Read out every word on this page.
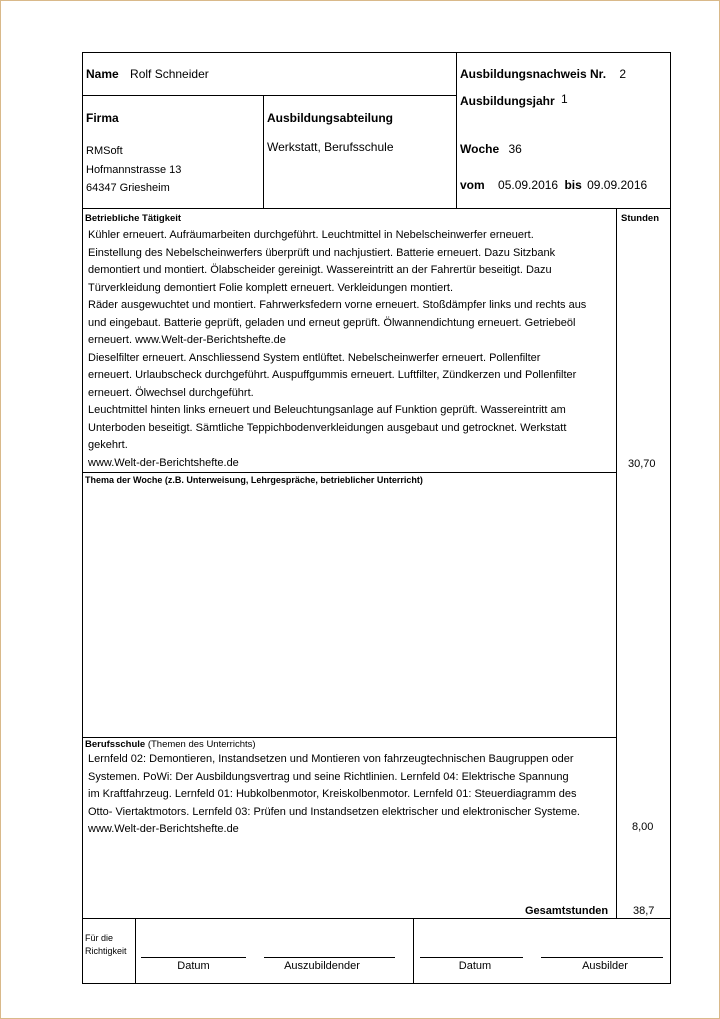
Name Rolf Schneider	Ausbildungsnachweis Nr. 2
Ausbildungsjahr 1
Firma
RMSoft
Hofmannstrasse 13
64347 Griesheim
Ausbildungsabteilung
Werkstatt, Berufsschule	Woche 36
vom 05.09.2016 bis 09.09.2016
Betriebliche Tätigkeit	Stunden
Kühler erneuert. Aufräumarbeiten durchgeführt. Leuchtmittel in Nebelscheinwerfer erneuert.
Einstellung des Nebelscheinwerfers überprüft und nachjustiert. Batterie erneuert. Dazu Sitzbank
demontiert und montiert. Ölabscheider gereinigt. Wassereintritt an der Fahrertür beseitigt. Dazu
Türverkleidung demontiert Folie komplett erneuert. Verkleidungen montiert.
Räder ausgewuchtet und montiert. Fahrwerksfedern vorne erneuert. Stoßdämpfer links und rechts aus
und eingebaut. Batterie geprüft, geladen und erneut geprüft. Ölwannendichtung erneuert. Getriebeöl
erneuert. www.Welt-der-Berichtshefte.de
Dieselfilter erneuert. Anschliessend System entlüftet. Nebelscheinwerfer erneuert. Pollenfilter
erneuert. Urlaubscheck durchgeführt. Auspuffgummis erneuert. Luftfilter, Zündkerzen und Pollenfilter
erneuert. Ölwechsel durchgeführt.
Leuchtmittel hinten links erneuert und Beleuchtungsanlage auf Funktion geprüft. Wassereintritt am
Unterboden beseitigt. Sämtliche Teppichbodenverkleidungen ausgebaut und getrocknet. Werkstatt
gekehrt.
www.Welt-der-Berichtshefte.de	30,70
Thema der Woche (z.B. Unterweisung, Lehrgespräche, betrieblicher Unterricht)
Berufsschule (Themen des Unterrichts)
Lernfeld 02: Demontieren, Instandsetzen und Montieren von fahrzeugtechnischen Baugruppen oder
Systemen. PoWi: Der Ausbildungsvertrag und seine Richtlinien. Lernfeld 04: Elektrische Spannung
im Kraftfahrzeug. Lernfeld 01: Hubkolbenmotor, Kreiskolbenmotor. Lernfeld 01: Steuerdiagramm des
Otto- Viertaktmotors. Lernfeld 03: Prüfen und Instandsetzen elektrischer und elektronischer Systeme.
www.Welt-der-Berichtshefte.de	8,00
Gesamtstunden 38,7
Für die
Richtigkeit
Datum	Auszubildender	Datum	Ausbilder
